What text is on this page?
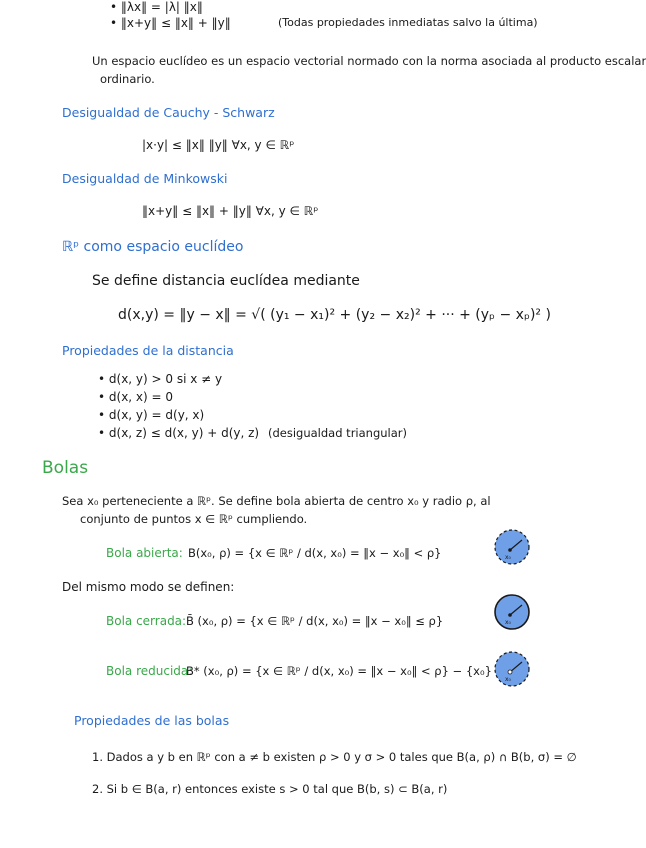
• ‖λx‖ = |λ| ‖x‖
• ‖x+y‖ ≤ ‖x‖ + ‖y‖	(Todas propiedades inmediatas salvo la última)
Un espacio euclídeo es un espacio vectorial normado con la norma asociada al producto escalar
ordinario.
Desigualdad de Cauchy - Schwarz
|x·y| ≤ ‖x‖ ‖y‖ ∀x, y ∈ ℝᵖ
Desigualdad de Minkowski
‖x+y‖ ≤ ‖x‖ + ‖y‖ ∀x, y ∈ ℝᵖ
ℝᵖ como espacio euclídeo
Se define distancia euclídea mediante
d(x,y) = ‖y − x‖ = √( (y₁ − x₁)² + (y₂ − x₂)² + ··· + (yₚ − xₚ)² )
Propiedades de la distancia
• d(x, y) > 0 si x ≠ y
• d(x, x) = 0
• d(x, y) = d(y, x)
• d(x, z) ≤ d(x, y) + d(y, z) (desigualdad triangular)
Bolas
Sea x₀ perteneciente a ℝᵖ. Se define bola abierta de centro x₀ y radio ρ, al
conjunto de puntos x ∈ ℝᵖ cumpliendo.
Bola abierta: B(x₀, ρ) = {x ∈ ℝᵖ / d(x, x₀) = ‖x − x₀‖ < ρ}
Del mismo modo se definen:
Bola cerrada: B̄ (x₀, ρ) = {x ∈ ℝᵖ / d(x, x₀) = ‖x − x₀‖ ≤ ρ}
Bola reducida:
B* (x₀, ρ) = {x ∈ ℝᵖ / d(x, x₀) = ‖x − x₀‖ < ρ} − {x₀}
x₀
x₀
x₀
Propiedades de las bolas
1. Dados a y b en ℝᵖ con a ≠ b existen ρ > 0 y σ > 0 tales que B(a, ρ) ∩ B(b, σ) = ∅
2. Si b ∈ B(a, r) entonces existe s > 0 tal que B(b, s) ⊂ B(a, r)
